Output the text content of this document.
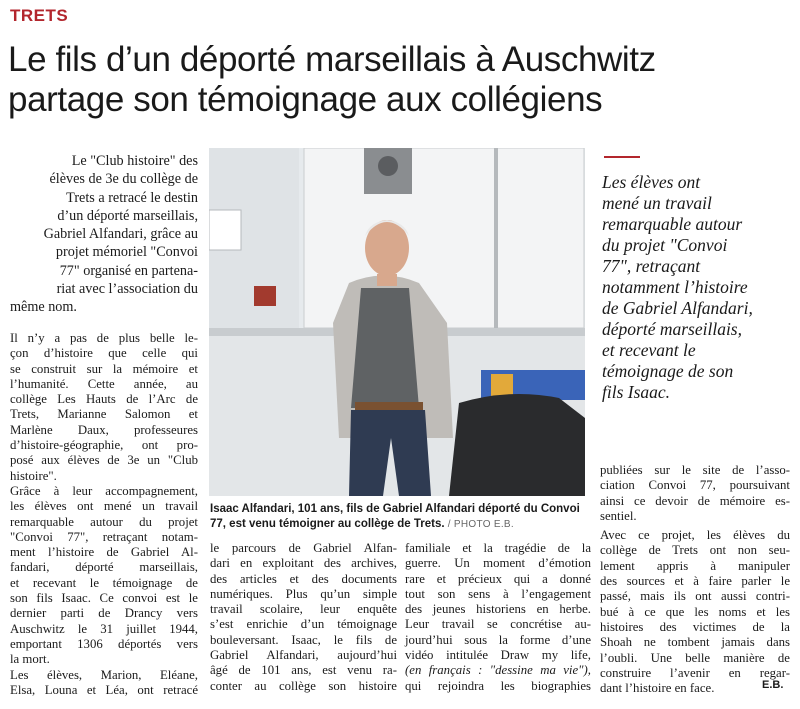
TRETS
Le fils d’un déporté marseillais à Auschwitz
partage son témoignage aux collégiens
Le "Club histoire" des
élèves de 3e du collège de
Trets a retracé le destin
d’un déporté marseillais,
Gabriel Alfandari, grâce au
projet mémoriel "Convoi
77" organisé en partena-
riat avec l’association du
même nom.
Il n’y a pas de plus belle le-
çon d’histoire que celle qui
se construit sur la mémoire et
l’humanité. Cette année, au
collège Les Hauts de l’Arc de
Trets, Marianne Salomon et
Marlène Daux, professeures
d’histoire-géographie, ont pro-
posé aux élèves de 3e un "Club
histoire".
Grâce à leur accompagnement,
les élèves ont mené un travail
remarquable autour du projet
"Convoi 77", retraçant notam-
ment l’histoire de Gabriel Al-
fandari, déporté marseillais,
et recevant le témoignage de
son fils Isaac. Ce convoi est le
dernier parti de Drancy vers
Auschwitz le 31 juillet 1944,
emportant 1306 déportés vers
la mort.
Les élèves, Marion, Eléane,
Elsa, Louna et Léa, ont retracé
Isaac Alfandari, 101 ans, fils de Gabriel Alfandari déporté du Convoi 77, est venu témoigner au collège de Trets. / PHOTO E.B.
le parcours de Gabriel Alfan-
dari en exploitant des archives,
des articles et des documents
numériques. Plus qu’un simple
travail scolaire, leur enquête
s’est enrichie d’un témoignage
bouleversant. Isaac, le fils de
Gabriel Alfandari, aujourd’hui
âgé de 101 ans, est venu ra-
conter au collège son histoire
familiale et la tragédie de la
guerre. Un moment d’émotion
rare et précieux qui a donné
tout son sens à l’engagement
des jeunes historiens en herbe.
Leur travail se concrétise au-
jourd’hui sous la forme d’une
vidéo intitulée Draw my life,
(en français : "dessine ma vie"),
qui rejoindra les biographies
Les élèves ont
mené un travail
remarquable autour
du projet "Convoi
77", retraçant
notamment l’histoire
de Gabriel Alfandari,
déporté marseillais,
et recevant le
témoignage de son
fils Isaac.
publiées sur le site de l’asso-
ciation Convoi 77, poursuivant
ainsi ce devoir de mémoire es-
sentiel.
Avec ce projet, les élèves du
collège de Trets ont non seu-
lement appris à manipuler
des sources et à faire parler le
passé, mais ils ont aussi contri-
bué à ce que les noms et les
histoires des victimes de la
Shoah ne tombent jamais dans
l’oubli. Une belle manière de
construire l’avenir en regar-
dant l’histoire en face.	E.B.
